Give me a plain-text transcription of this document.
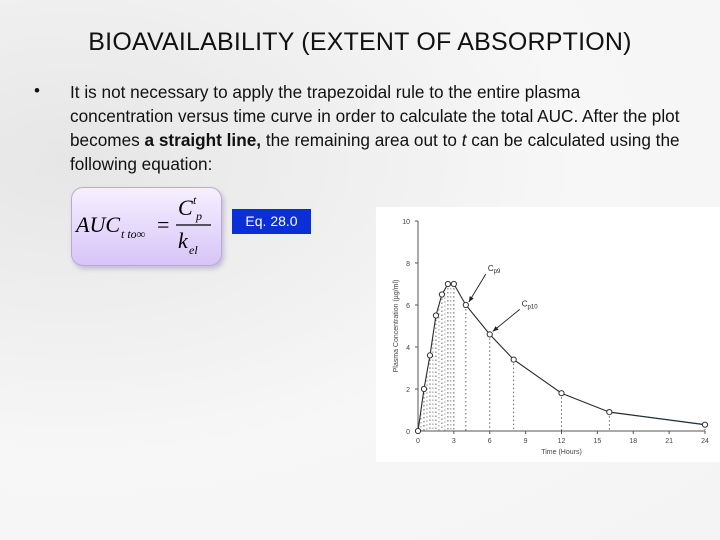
BIOAVAILABILITY (EXTENT OF ABSORPTION)
• It is not necessary to apply the trapezoidal rule to the entire plasma concentration versus time curve in order to calculate the total AUC. After the plot becomes a straight line, the remaining area out to t can be calculated using the following equation:
AUC t to∞ =
C t
p
k el
Eq. 28.0
0
2
4
6
8
10
0	3	6	9	12	15	18	21	24
$C_{p9}$
$C_{p10}$
Time (Hours)
Plasma Concentration (µg/ml)
